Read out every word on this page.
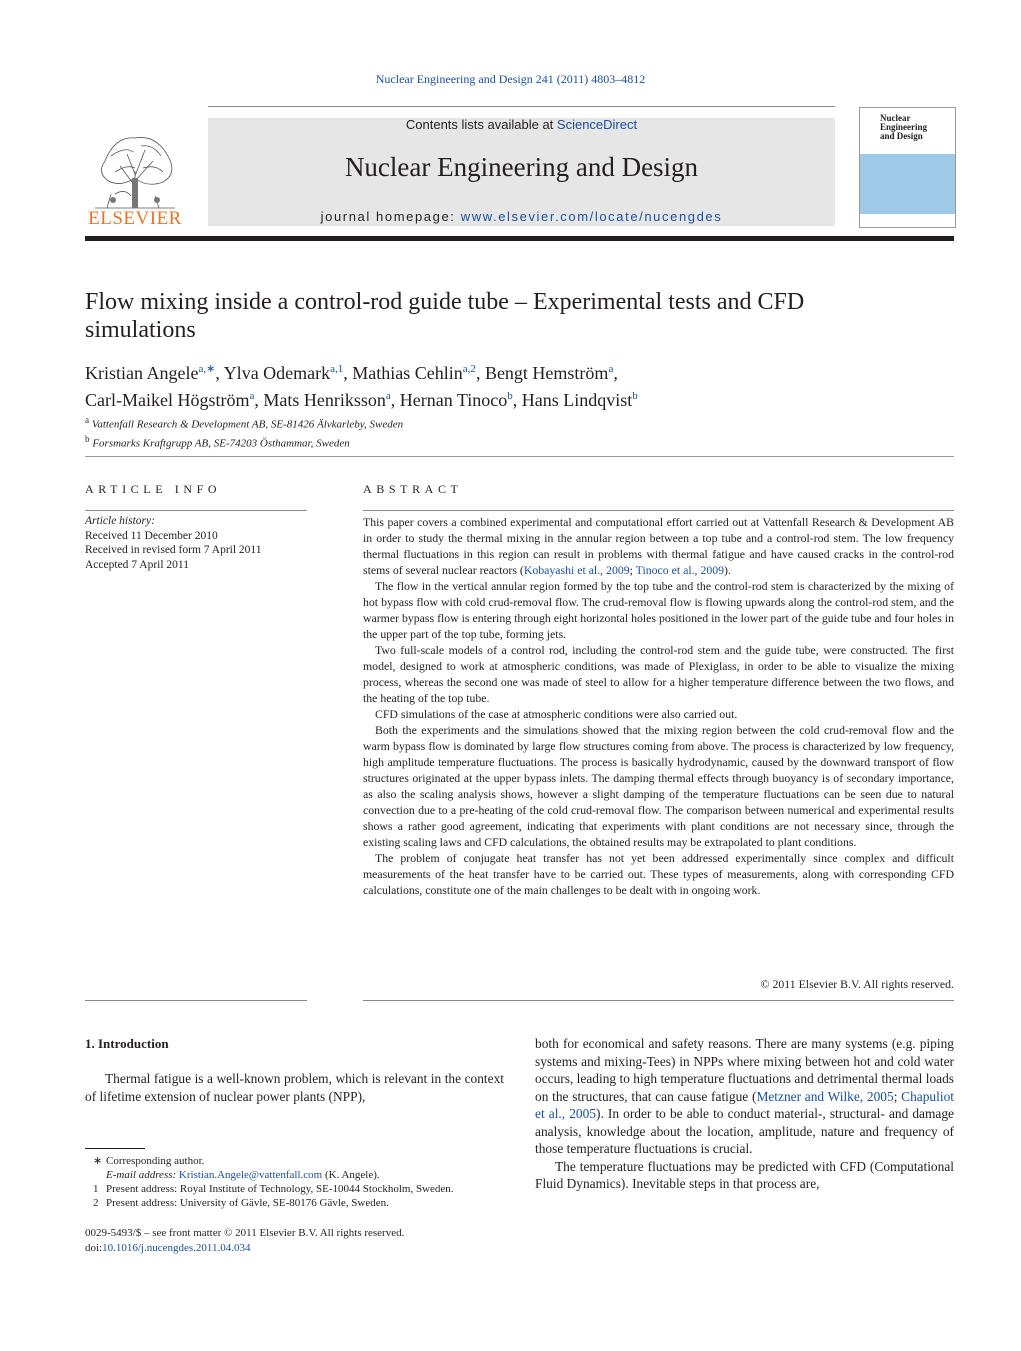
Nuclear Engineering and Design 241 (2011) 4803–4812
ELSEVIER
Contents lists available at ScienceDirect
Nuclear Engineering and Design
journal homepage: www.elsevier.com/locate/nucengdes
Nuclear Engineering and Design
Flow mixing inside a control-rod guide tube – Experimental tests and CFD simulations
Kristian Angele$^{a,∗}$, Ylva Odemark$^{a,1}$, Mathias Cehlin$^{a,2}$, Bengt Hemström$^a$,
Carl-Maikel Högström$^a$, Mats Henriksson$^a$, Hernan Tinoco$^b$, Hans Lindqvist$^b$
$^a$ Vattenfall Research & Development AB, SE-81426 Älvkarleby, Sweden
$^b$ Forsmarks Kraftgrupp AB, SE-74203 Östhammar, Sweden
ARTICLE INFO
Article history:
Received 11 December 2010
Received in revised form 7 April 2011
Accepted 7 April 2011
ABSTRACT

This paper covers a combined experimental and computational effort carried out at Vattenfall Research & Development AB in order to study the thermal mixing in the annular region between a top tube and a control-rod stem. The low frequency thermal fluctuations in this region can result in problems with thermal fatigue and have caused cracks in the control-rod stems of several nuclear reactors (Kobayashi et al., 2009; Tinoco et al., 2009).

The flow in the vertical annular region formed by the top tube and the control-rod stem is characterized by the mixing of hot bypass flow with cold crud-removal flow. The crud-removal flow is flowing upwards along the control-rod stem, and the warmer bypass flow is entering through eight horizontal holes positioned in the lower part of the guide tube and four holes in the upper part of the top tube, forming jets.

Two full-scale models of a control rod, including the control-rod stem and the guide tube, were constructed. The first model, designed to work at atmospheric conditions, was made of Plexiglass, in order to be able to visualize the mixing process, whereas the second one was made of steel to allow for a higher temperature difference between the two flows, and the heating of the top tube.

CFD simulations of the case at atmospheric conditions were also carried out.

Both the experiments and the simulations showed that the mixing region between the cold crud-removal flow and the warm bypass flow is dominated by large flow structures coming from above. The process is characterized by low frequency, high amplitude temperature fluctuations. The process is basically hydrodynamic, caused by the downward transport of flow structures originated at the upper bypass inlets. The damping thermal effects through buoyancy is of secondary importance, as also the scaling analysis shows, however a slight damping of the temperature fluctuations can be seen due to natural convection due to a pre-heating of the cold crud-removal flow. The comparison between numerical and experimental results shows a rather good agreement, indicating that experiments with plant conditions are not necessary since, through the existing scaling laws and CFD calculations, the obtained results may be extrapolated to plant conditions.

The problem of conjugate heat transfer has not yet been addressed experimentally since complex and difficult measurements of the heat transfer have to be carried out. These types of measurements, along with corresponding CFD calculations, constitute one of the main challenges to be dealt with in ongoing work.

© 2011 Elsevier B.V. All rights reserved.
1. Introduction

Thermal fatigue is a well-known problem, which is relevant in the context of lifetime extension of nuclear power plants (NPP),

both for economical and safety reasons. There are many systems (e.g. piping systems and mixing-Tees) in NPPs where mixing between hot and cold water occurs, leading to high temperature fluctuations and detrimental thermal loads on the structures, that can cause fatigue (Metzner and Wilke, 2005; Chapuliot et al., 2005). In order to be able to conduct material-, structural- and damage analysis, knowledge about the location, amplitude, nature and frequency of those temperature fluctuations is crucial.

The temperature fluctuations may be predicted with CFD (Computational Fluid Dynamics). Inevitable steps in that process are,

∗ Corresponding author.
E-mail address: Kristian.Angele@vattenfall.com (K. Angele).
1 Present address: Royal Institute of Technology, SE-10044 Stockholm, Sweden.
2 Present address: University of Gävle, SE-80176 Gävle, Sweden.
0029-5493/$ – see front matter © 2011 Elsevier B.V. All rights reserved.
doi:10.1016/j.nucengdes.2011.04.034
